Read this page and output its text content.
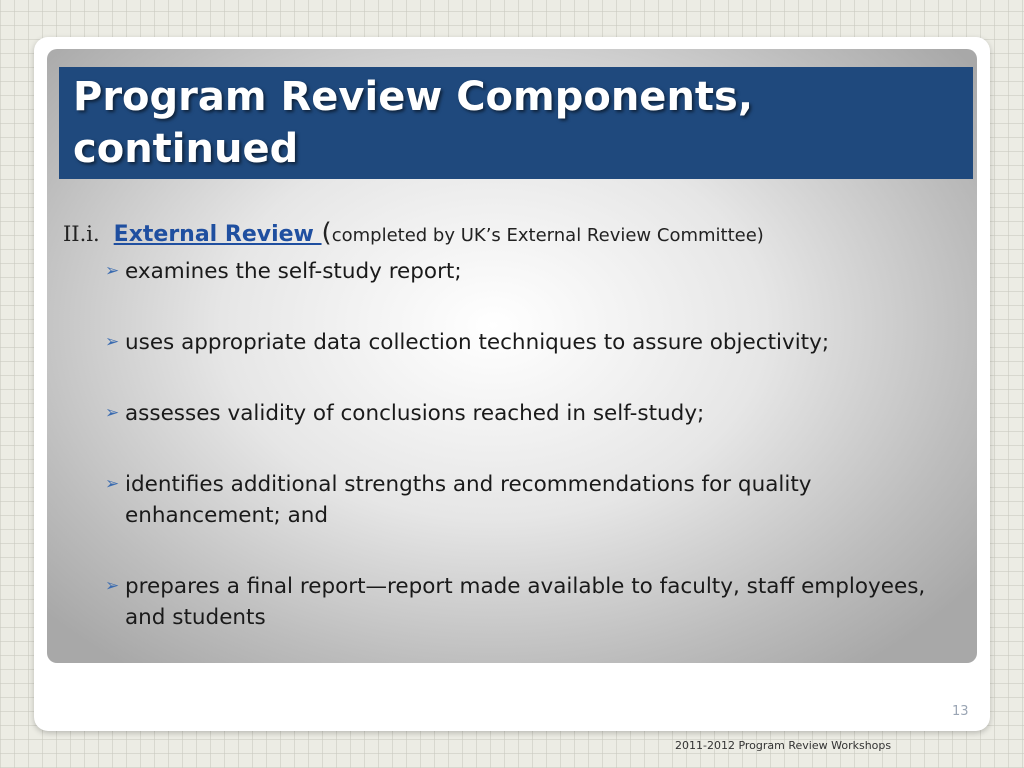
Program Review Components, continued
II.i. External Review (completed by UK’s External Review Committee)
➢ examines the self-study report;
➢ uses appropriate data collection techniques to assure objectivity;
➢ assesses validity of conclusions reached in self-study;
➢ identifies additional strengths and recommendations for quality enhancement; and
➢ prepares a final report—report made available to faculty, staff employees, and students
13
2011-2012 Program Review Workshops
